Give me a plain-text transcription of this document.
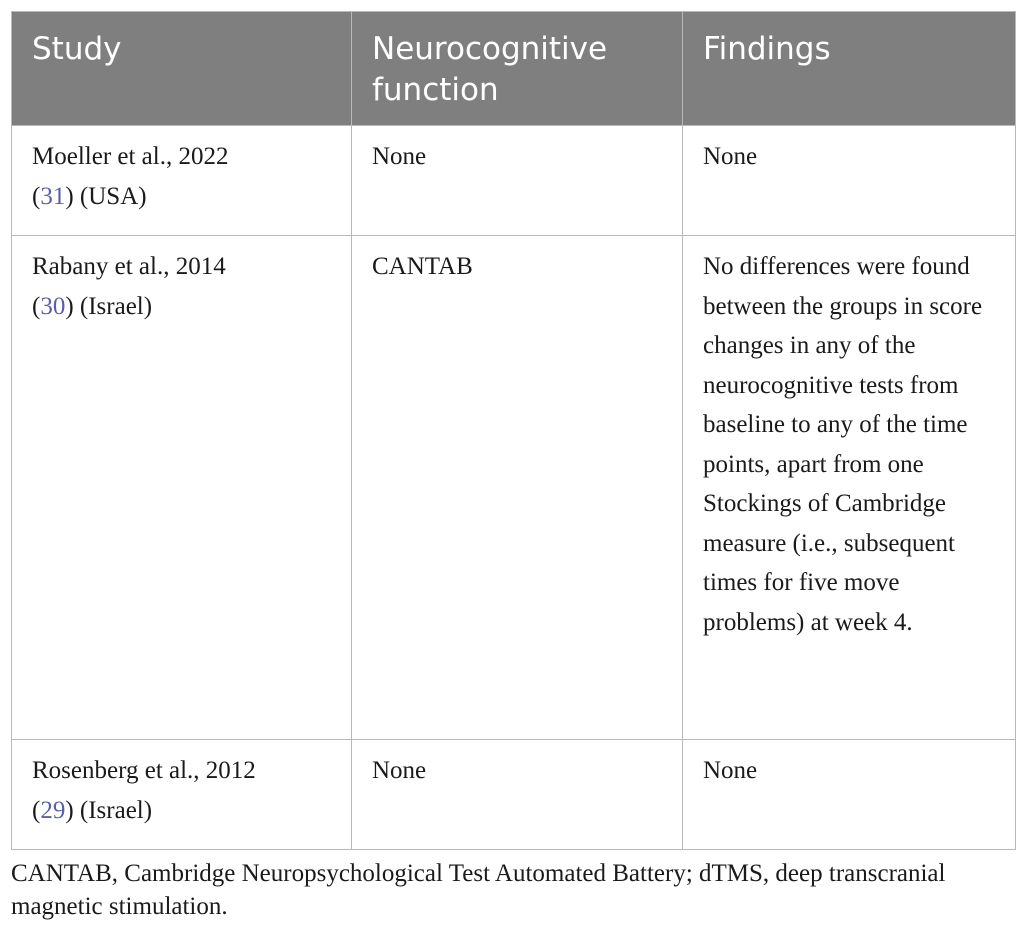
Study	Neurocognitive function	Findings
Moeller et al., 2022
(31) (USA)	None	None
Rabany et al., 2014
(30) (Israel)	CANTAB	No differences were found between the groups in score changes in any of the neurocognitive tests from baseline to any of the time points, apart from one Stockings of Cambridge measure (i.e., subsequent times for five move problems) at week 4.
Rosenberg et al., 2012
(29) (Israel)	None	None

CANTAB, Cambridge Neuropsychological Test Automated Battery; dTMS, deep transcranial magnetic stimulation.
